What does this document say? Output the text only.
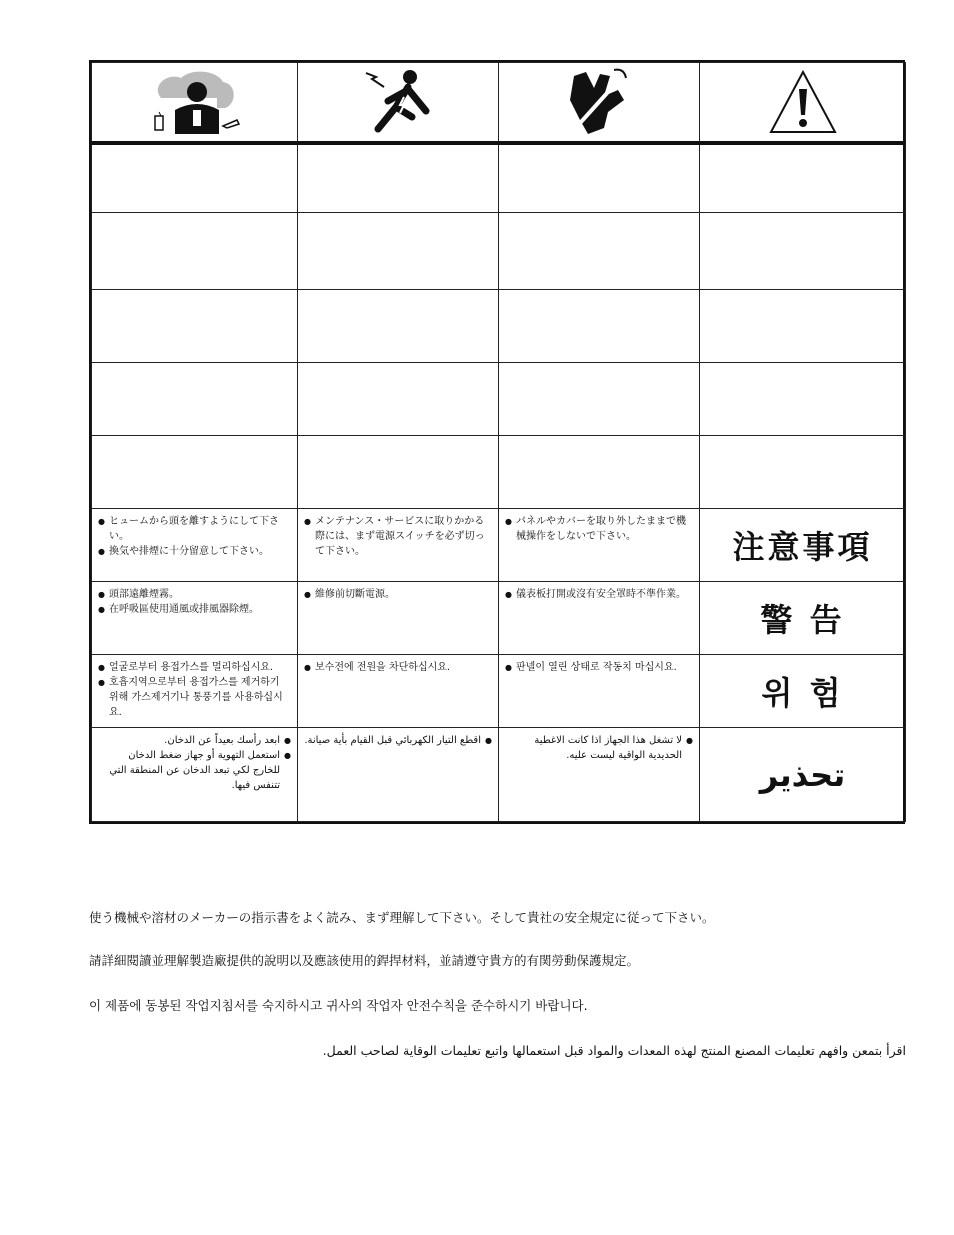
● ヒュームから頭を離すようにして下さい。
● 換気や排煙に十分留意して下さい。	● メンテナンス・サービスに取りかかる際には、まず電源スイッチを必ず切って下さい。	● パネルやカバーを取り外したままで機械操作をしないで下さい。	注意事項

● 頭部遠離煙霧。
● 在呼吸區使用通風或排風器除煙。	● 維修前切斷電源。	● 儀表板打開或沒有安全罩時不準作業。	警 告

● 얼굴로부터 용접가스를 멀리하십시요.
● 호흡지역으로부터 용접가스를 제거하기 위해 가스제거기나 통풍기를 사용하십시요.	● 보수전에 전원을 차단하십시요.	● 판넬이 열린 상태로 작동치 마십시요.	위 험

● ابعد رأسك بعيداً عن الدخان.
● استعمل التهوية أو جهاز ضغط الدخان للخارج لكي تبعد الدخان عن المنطقة التي تتنفس فيها.	● اقطع التيار الكهربائي قبل القيام بأية صيانة.	● لا تشغل هذا الجهاز اذا كانت الاغطية الحديدية الواقية ليست عليه.	تحذير
使う機械や溶材のメーカーの指示書をよく読み、まず理解して下さい。そして貴社の安全規定に従って下さい。
請詳細閱讀並理解製造廠提供的說明以及應該使用的銲捍材料，並請遵守貴方的有関勞動保護規定。
이 제품에 동봉된 작업지침서를 숙지하시고 귀사의 작업자 안전수칙을 준수하시기 바랍니다.
اقرأ بتمعن وافهم تعليمات المصنع المنتج لهذه المعدات والمواد قبل استعمالها واتبع تعليمات الوقاية لصاحب العمل.
